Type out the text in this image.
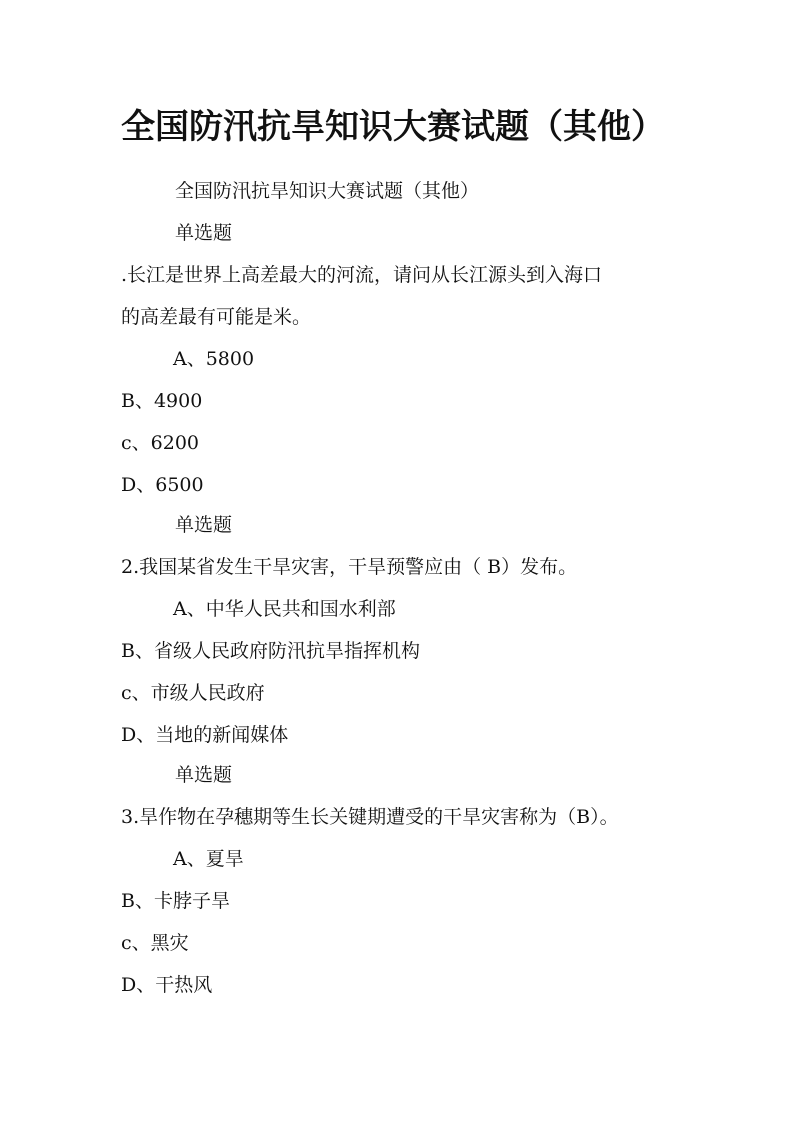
全国防汛抗旱知识大赛试题（其他）
全国防汛抗旱知识大赛试题（其他）
单选题
.长江是世界上高差最大的河流，请问从长江源头到入海口
的高差最有可能是米。
A、5800
B、4900
c、6200
D、6500
单选题
2.我国某省发生干旱灾害，干旱预警应由（ B）发布。
A、中华人民共和国水利部
B、省级人民政府防汛抗旱指挥机构
c、市级人民政府
D、当地的新闻媒体
单选题
3.旱作物在孕穗期等生长关键期遭受的干旱灾害称为（B）。
A、夏旱
B、卡脖子旱
c、黑灾
D、干热风
